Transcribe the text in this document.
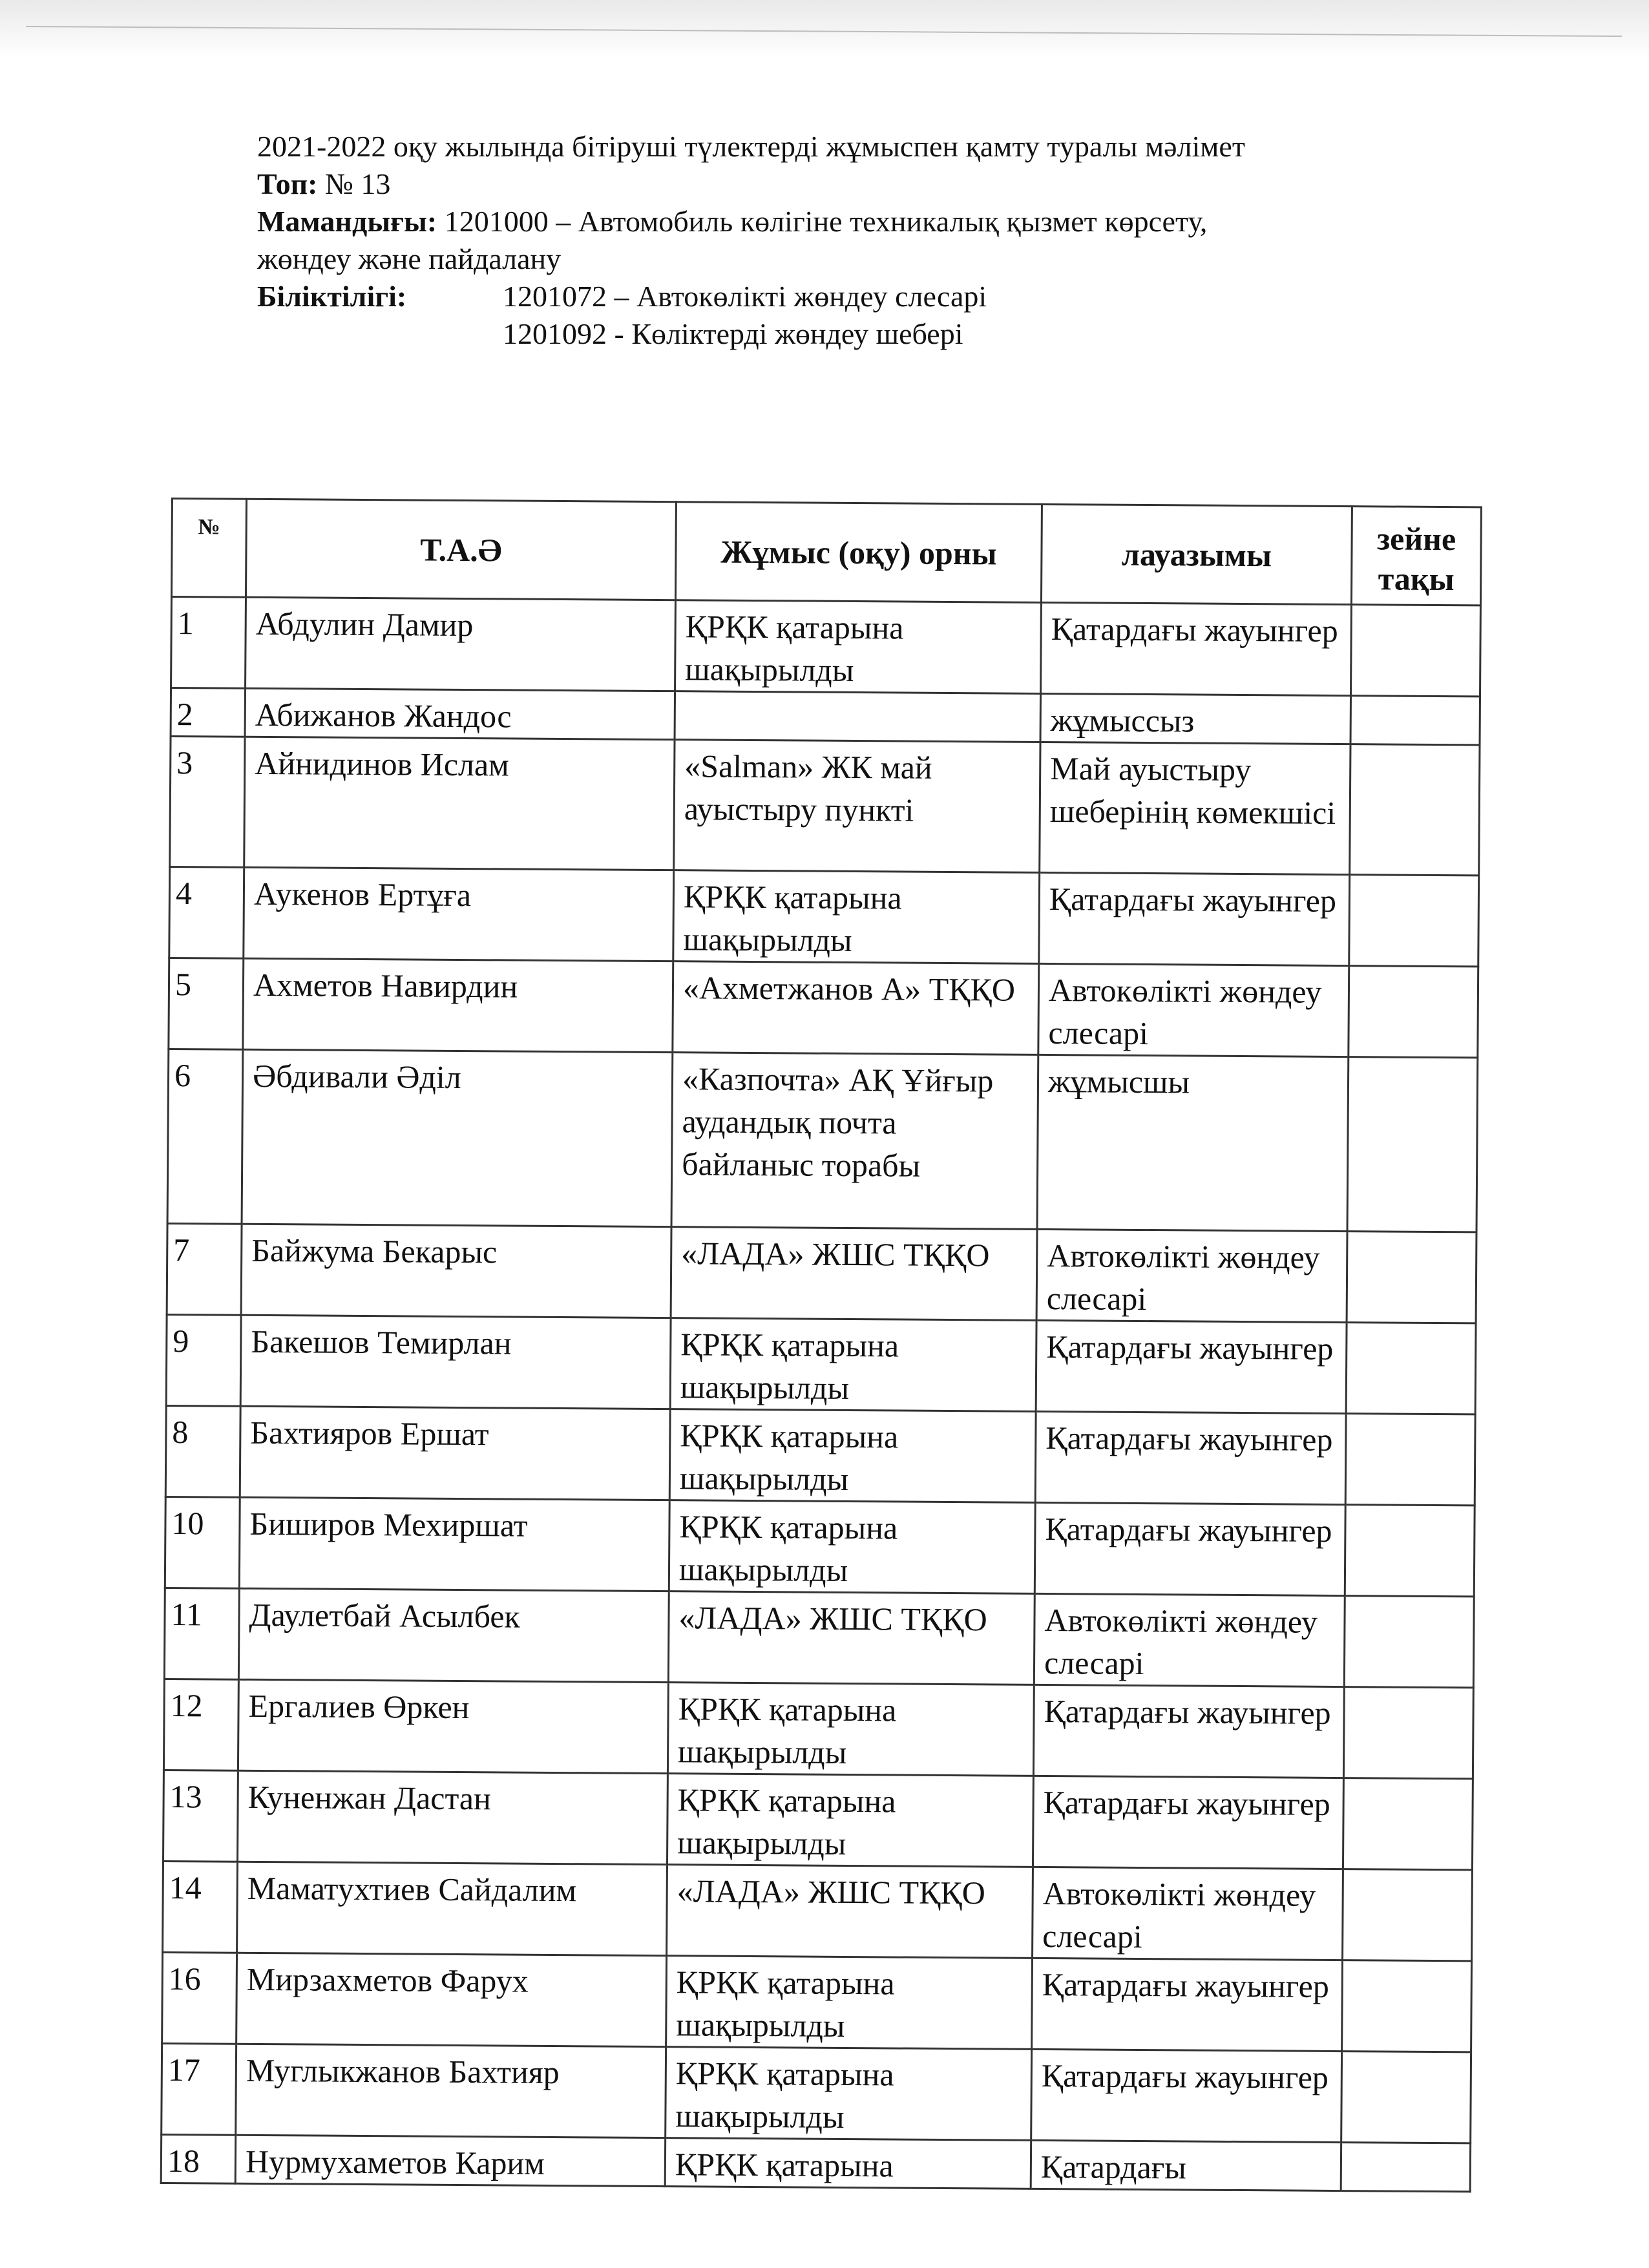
2021-2022 оқу жылында бітіруші түлектерді жұмыспен қамту туралы мәлімет
Топ: № 13
Мамандығы: 1201000 – Автомобиль көлігіне техникалық қызмет көрсету,
жөндеу және пайдалану
Біліктілігі:	1201072 – Автокөлікті жөндеу слесарі
1201092 - Көліктерді жөндеу шебері
№	Т.А.Ә	Жұмыс (оқу) орны	лауазымы	зейне тақы
1	Абдулин Дамир	ҚРҚК қатарына шақырылды	Қатардағы жауынгер	
2	Абижанов Жандос		жұмыссыз	
3	Айнидинов Ислам	«Salman» ЖК май ауыстыру пункті	Май ауыстыру шеберінің көмекшісі	
4	Аукенов Ертұға	ҚРҚК қатарына шақырылды	Қатардағы жауынгер	
5	Ахметов Навирдин	«Ахметжанов А» ТҚҚО	Автокөлікті жөндеу слесарі	
6	Әбдивали Әділ	«Казпочта» АҚ Ұйғыр аудандық почта байланыс торабы	жұмысшы	
7	Байжума Бекарыс	«ЛАДА» ЖШС ТҚҚО	Автокөлікті жөндеу слесарі	
9	Бакешов Темирлан	ҚРҚК қатарына шақырылды	Қатардағы жауынгер	
8	Бахтияров Ершат	ҚРҚК қатарына шақырылды	Қатардағы жауынгер	
10	Бишиpов Мехиршат	ҚРҚК қатарына шақырылды	Қатардағы жауынгер	
11	Даулетбай Асылбек	«ЛАДА» ЖШС ТҚҚО	Автокөлікті жөндеу слесарі	
12	Ергалиев Өркен	ҚРҚК қатарына шақырылды	Қатардағы жауынгер	
13	Куненжан Дастан	ҚРҚК қатарына шақырылды	Қатардағы жауынгер	
14	Маматухтиев Сайдалим	«ЛАДА» ЖШС ТҚҚО	Автокөлікті жөндеу слесарі	
16	Мирзахметов Фарух	ҚРҚК қатарына шақырылды	Қатардағы жауынгер	
17	Муглыкжанов Бахтияр	ҚРҚК қатарына шақырылды	Қатардағы жауынгер	
18	Нурмухаметов Карим	ҚРҚК қатарына	Қатардағы	
